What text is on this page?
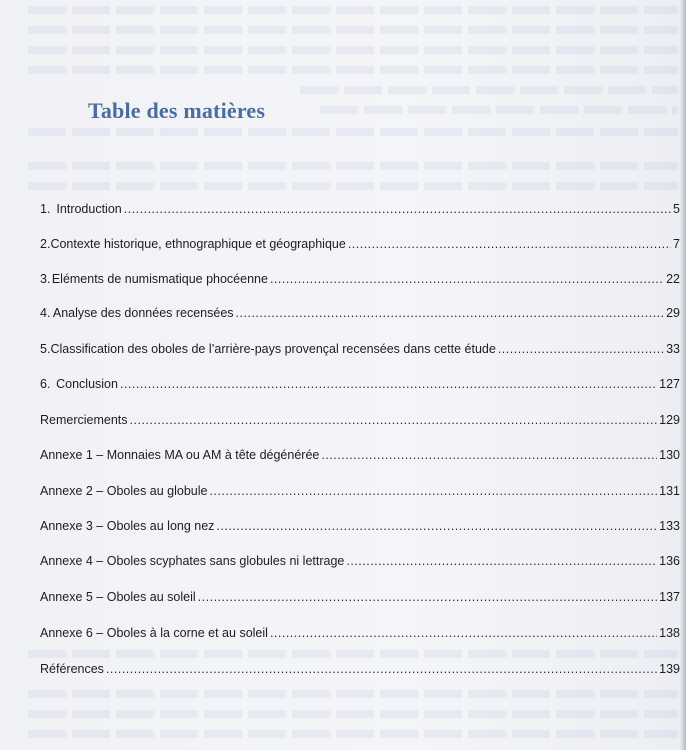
Table des matières
1. Introduction .....	5
2. Contexte historique, ethnographique et géographique .....	7
3. Eléments de numismatique phocéenne .....	22
4. Analyse des données recensées .....	29
5. Classification des oboles de l’arrière-pays provençal recensées dans cette étude .....	33
6. Conclusion .....	127
Remerciements .....	129
Annexe 1 – Monnaies MA ou AM à tête dégénérée .....	130
Annexe 2 – Oboles au globule .....	131
Annexe 3 – Oboles au long nez .....	133
Annexe 4 – Oboles scyphates sans globules ni lettrage .....	136
Annexe 5 – Oboles au soleil .....	137
Annexe 6 – Oboles à la corne et au soleil .....	138
Références .....	139
